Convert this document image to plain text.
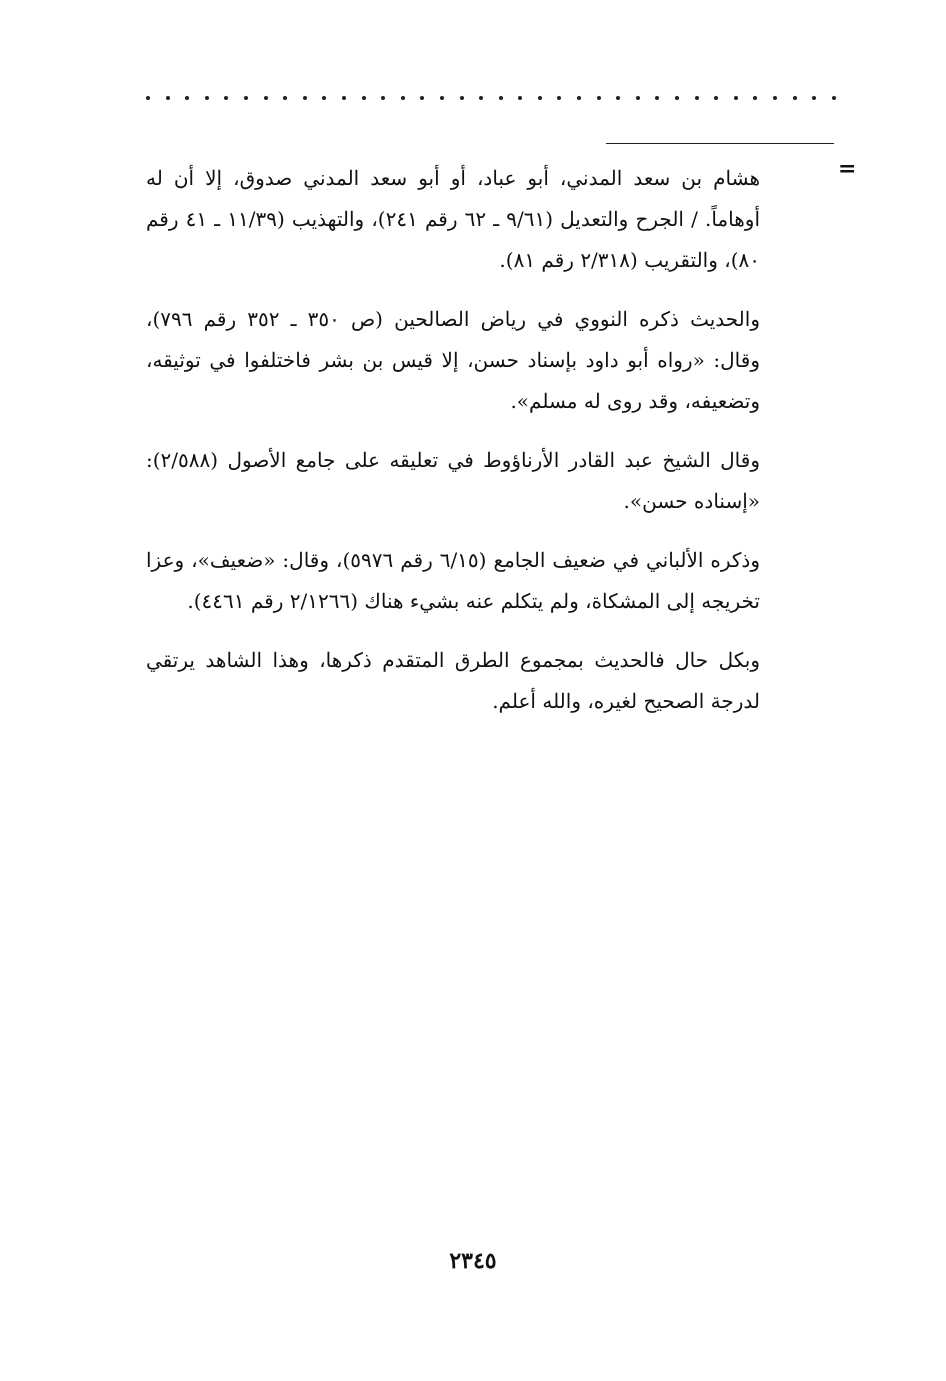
=

هشام بن سعد المدني، أبو عباد، أو أبو سعد المدني صدوق، إلا أن له أوهاماً. / الجرح والتعديل (٩/٦١ ـ ٦٢ رقم ٢٤١)، والتهذيب (١١/٣٩ ـ ٤١ رقم ٨٠)، والتقريب (٢/٣١٨ رقم ٨١).

والحديث ذكره النووي في رياض الصالحين (ص ٣٥٠ ـ ٣٥٢ رقم ٧٩٦)، وقال: «رواه أبو داود بإسناد حسن، إلا قيس بن بشر فاختلفوا في توثيقه، وتضعيفه، وقد روى له مسلم».

وقال الشيخ عبد القادر الأرناؤوط في تعليقه على جامع الأصول (٢/٥٨٨): «إسناده حسن».

وذكره الألباني في ضعيف الجامع (٦/١٥ رقم ٥٩٧٦)، وقال: «ضعيف»، وعزا تخريجه إلى المشكاة، ولم يتكلم عنه بشيء هناك (٢/١٢٦٦ رقم ٤٤٦١).

وبكل حال فالحديث بمجموع الطرق المتقدم ذكرها، وهذا الشاهد يرتقي لدرجة الصحيح لغيره، والله أعلم.

٢٣٤٥
